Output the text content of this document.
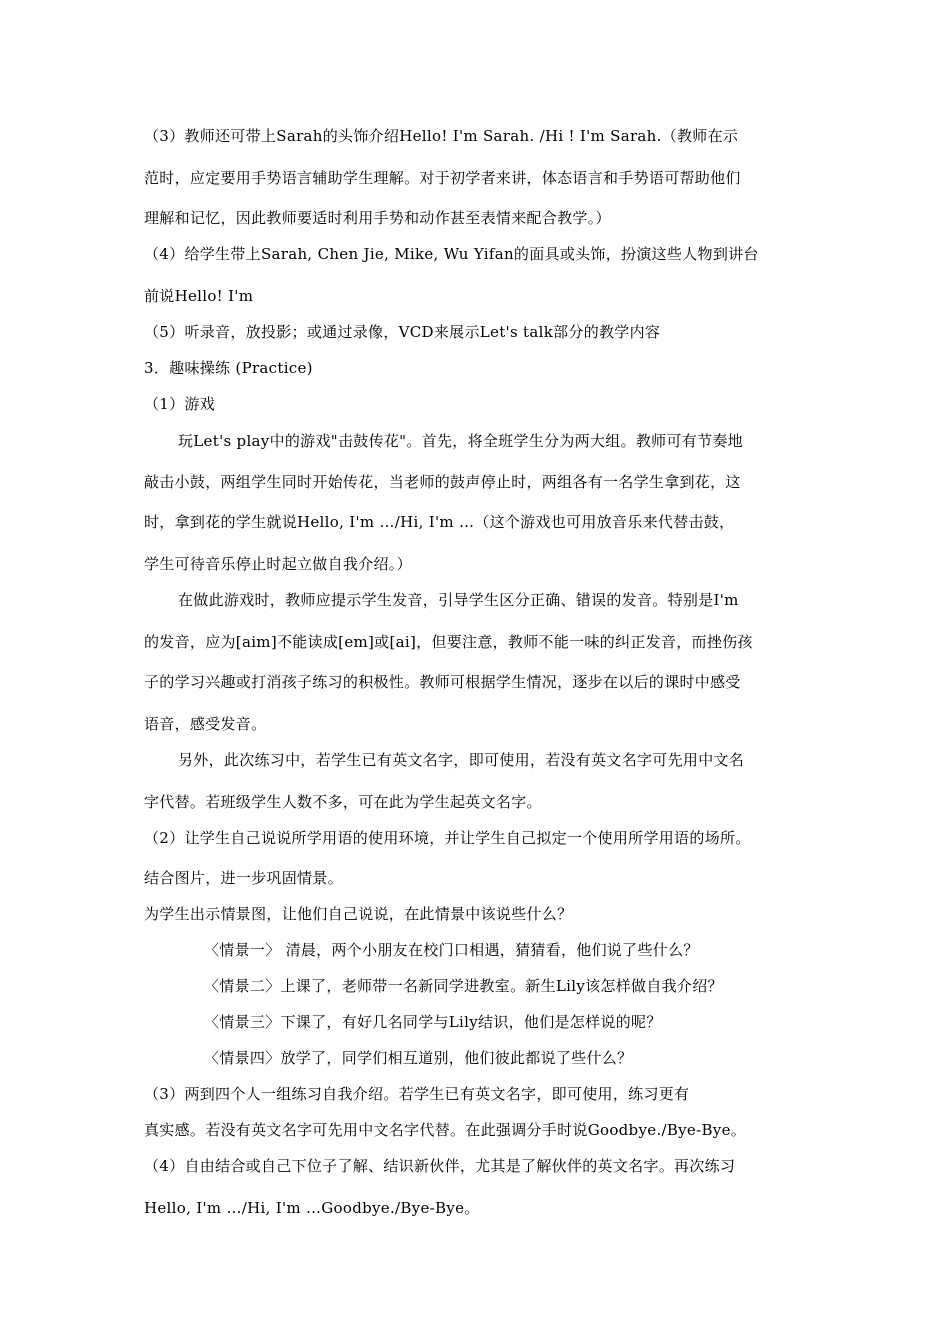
（3）教师还可带上Sarah的头饰介绍Hello! I'm Sarah. /Hi ! I'm Sarah.（教师在示
范时，应定要用手势语言辅助学生理解。对于初学者来讲，体态语言和手势语可帮助他们
理解和记忆，因此教师要适时利用手势和动作甚至表情来配合教学。）
（4）给学生带上Sarah, Chen Jie, Mike, Wu Yifan的面具或头饰，扮演这些人物到讲台
前说Hello! I'm
（5）听录音，放投影；或通过录像，VCD来展示Let's talk部分的教学内容
3．趣味操练 (Practice)
（1）游戏
玩Let's play中的游戏"击鼓传花"。首先，将全班学生分为两大组。教师可有节奏地
敲击小鼓，两组学生同时开始传花，当老师的鼓声停止时，两组各有一名学生拿到花，这
时，拿到花的学生就说Hello, I'm …/Hi, I'm …（这个游戏也可用放音乐来代替击鼓，
学生可待音乐停止时起立做自我介绍。）
在做此游戏时，教师应提示学生发音，引导学生区分正确、错误的发音。特别是I'm
的发音，应为[aim]不能读成[em]或[ai]，但要注意，教师不能一味的纠正发音，而挫伤孩
子的学习兴趣或打消孩子练习的积极性。教师可根据学生情况，逐步在以后的课时中感受
语音，感受发音。
另外，此次练习中，若学生已有英文名字，即可使用，若没有英文名字可先用中文名
字代替。若班级学生人数不多，可在此为学生起英文名字。
（2）让学生自己说说所学用语的使用环境，并让学生自己拟定一个使用所学用语的场所。
结合图片，进一步巩固情景。
为学生出示情景图，让他们自己说说，在此情景中该说些什么？
〈情景一〉 清晨，两个小朋友在校门口相遇，猜猜看，他们说了些什么？
〈情景二〉上课了，老师带一名新同学进教室。新生Lily该怎样做自我介绍？
〈情景三〉下课了，有好几名同学与Lily结识，他们是怎样说的呢？
〈情景四〉放学了，同学们相互道别，他们彼此都说了些什么？
（3）两到四个人一组练习自我介绍。若学生已有英文名字，即可使用，练习更有
真实感。若没有英文名字可先用中文名字代替。在此强调分手时说Goodbye./Bye-Bye。
（4）自由结合或自己下位子了解、结识新伙伴，尤其是了解伙伴的英文名字。再次练习
Hello, I'm …/Hi, I'm …Goodbye./Bye-Bye。
